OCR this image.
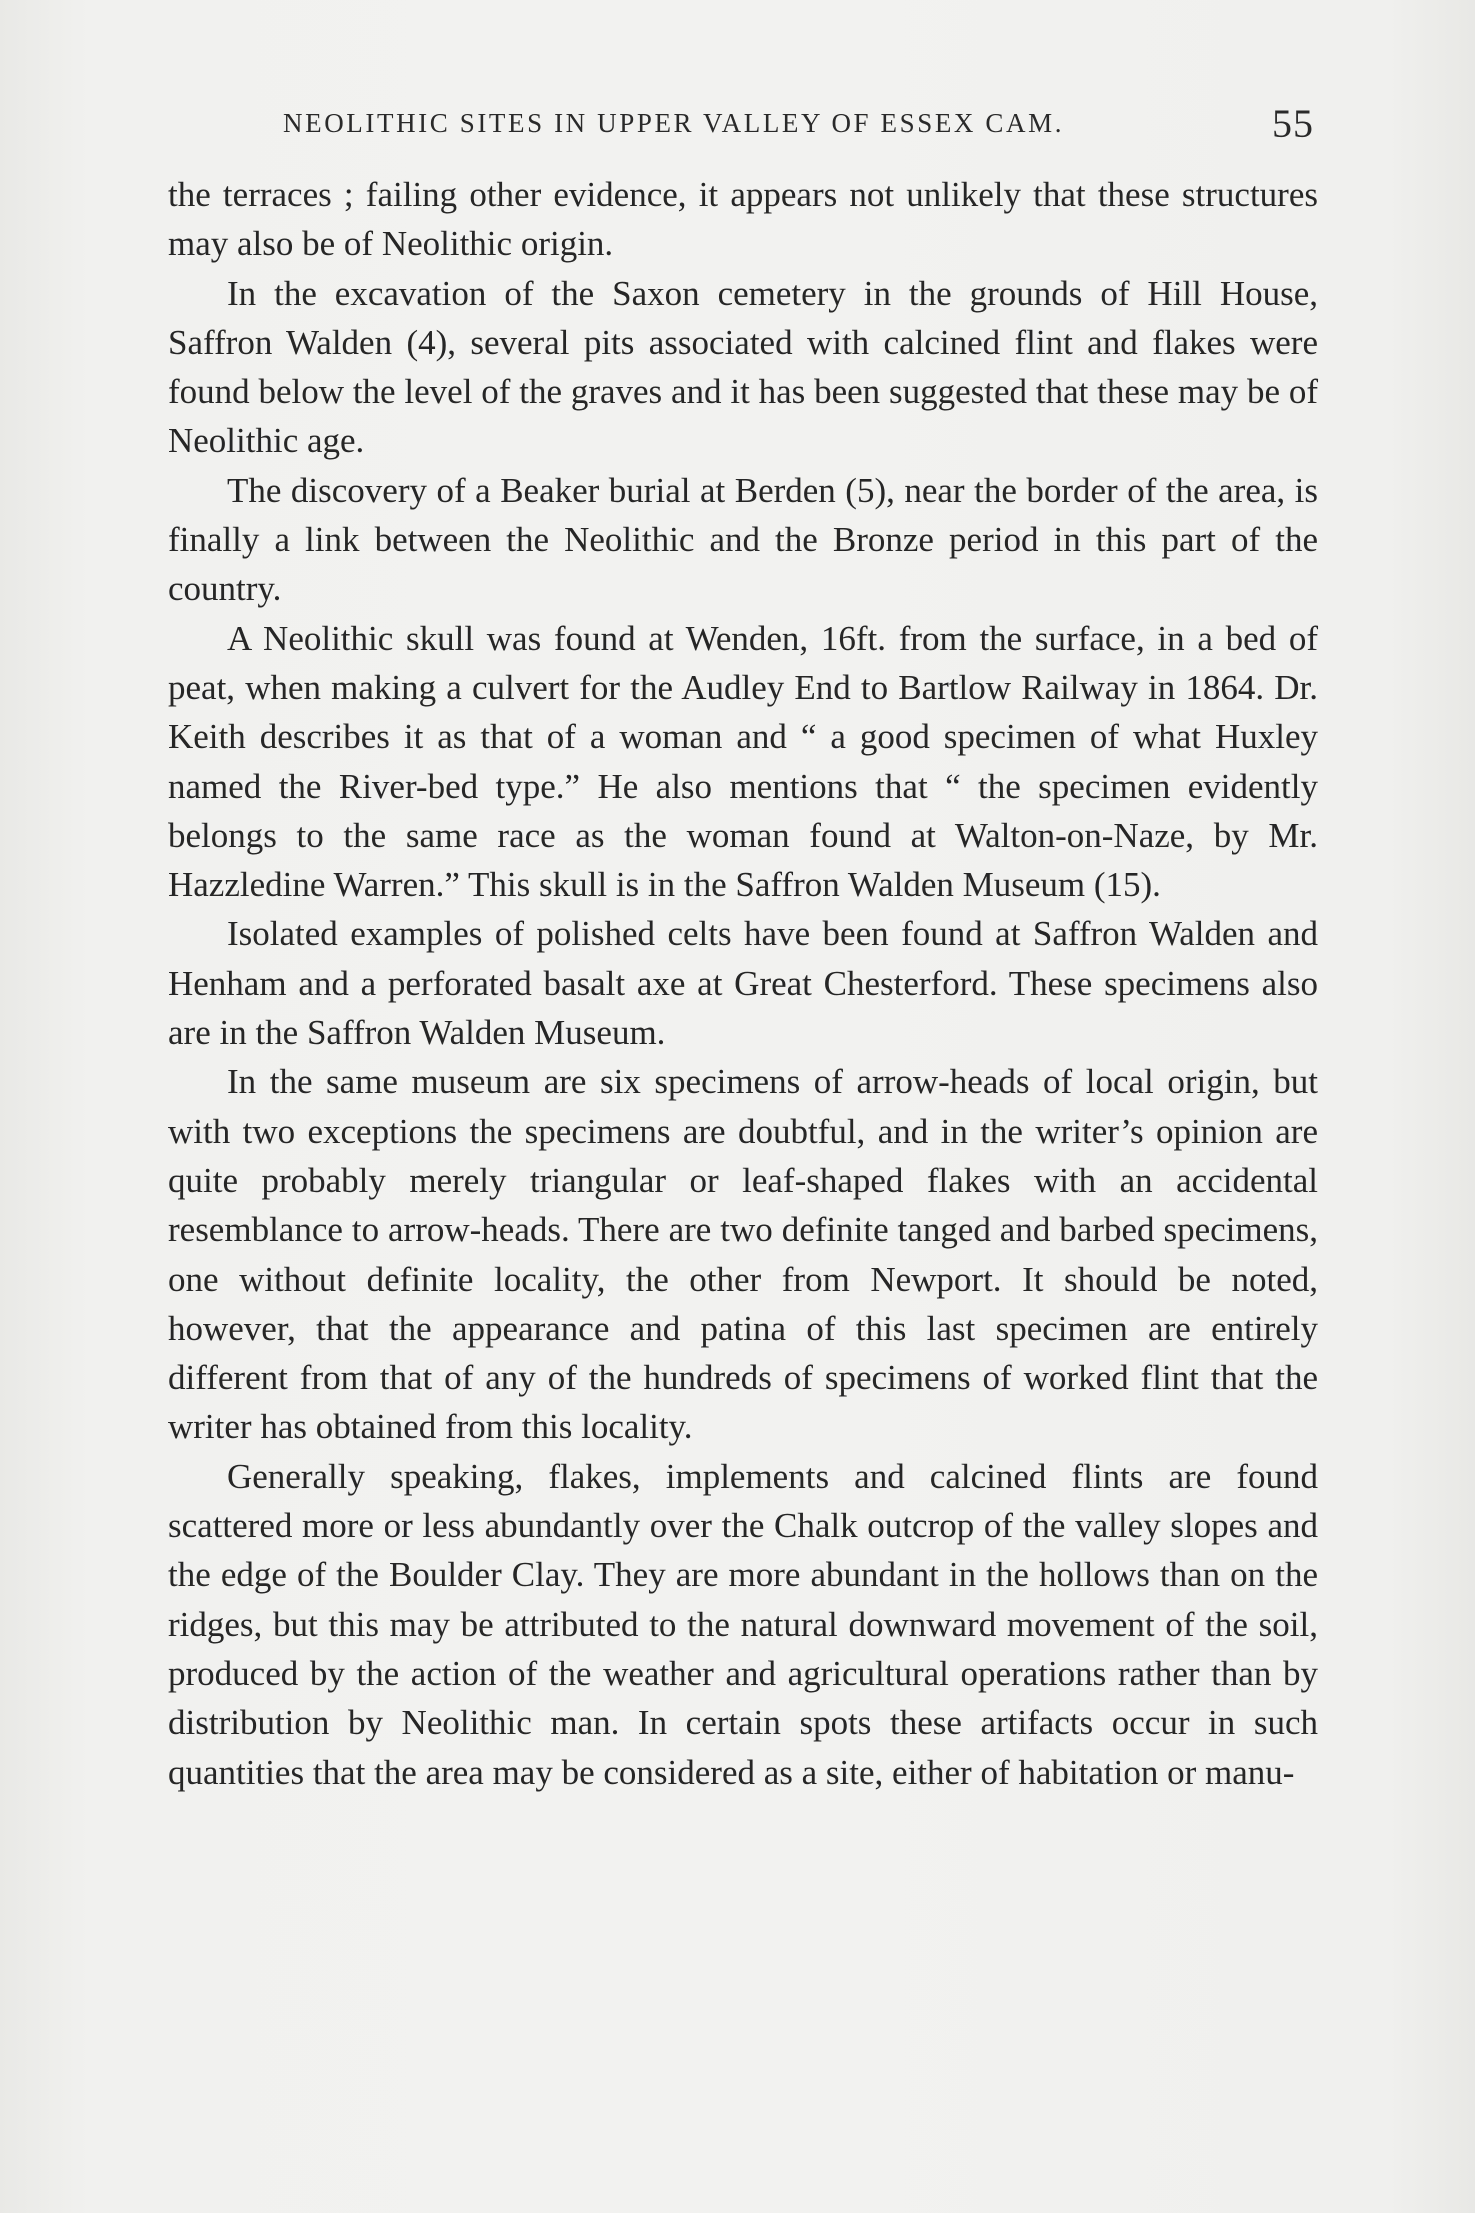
NEOLITHIC SITES IN UPPER VALLEY OF ESSEX CAM.	55

the terraces ; failing other evidence, it appears not unlikely that these structures may also be of Neolithic origin.

In the excavation of the Saxon cemetery in the grounds of Hill House, Saffron Walden (4), several pits associated with calcined flint and flakes were found below the level of the graves and it has been suggested that these may be of Neolithic age.

The discovery of a Beaker burial at Berden (5), near the border of the area, is finally a link between the Neolithic and the Bronze period in this part of the country.

A Neolithic skull was found at Wenden, 16ft. from the surface, in a bed of peat, when making a culvert for the Audley End to Bartlow Railway in 1864. Dr. Keith describes it as that of a woman and “ a good specimen of what Huxley named the River-bed type.” He also mentions that “ the specimen evidently belongs to the same race as the woman found at Walton-on-Naze, by Mr. Hazzledine Warren.” This skull is in the Saffron Walden Museum (15).

Isolated examples of polished celts have been found at Saffron Walden and Henham and a perforated basalt axe at Great Chesterford. These specimens also are in the Saffron Walden Museum.

In the same museum are six specimens of arrow-heads of local origin, but with two exceptions the specimens are doubtful, and in the writer’s opinion are quite probably merely triangular or leaf-shaped flakes with an accidental resemblance to arrow-heads. There are two definite tanged and barbed specimens, one without definite locality, the other from Newport. It should be noted, however, that the appearance and patina of this last specimen are entirely different from that of any of the hundreds of specimens of worked flint that the writer has obtained from this locality.

Generally speaking, flakes, implements and calcined flints are found scattered more or less abundantly over the Chalk outcrop of the valley slopes and the edge of the Boulder Clay. They are more abundant in the hollows than on the ridges, but this may be attributed to the natural downward movement of the soil, produced by the action of the weather and agricultural operations rather than by distribution by Neolithic man. In certain spots these artifacts occur in such quantities that the area may be considered as a site, either of habitation or manu-
